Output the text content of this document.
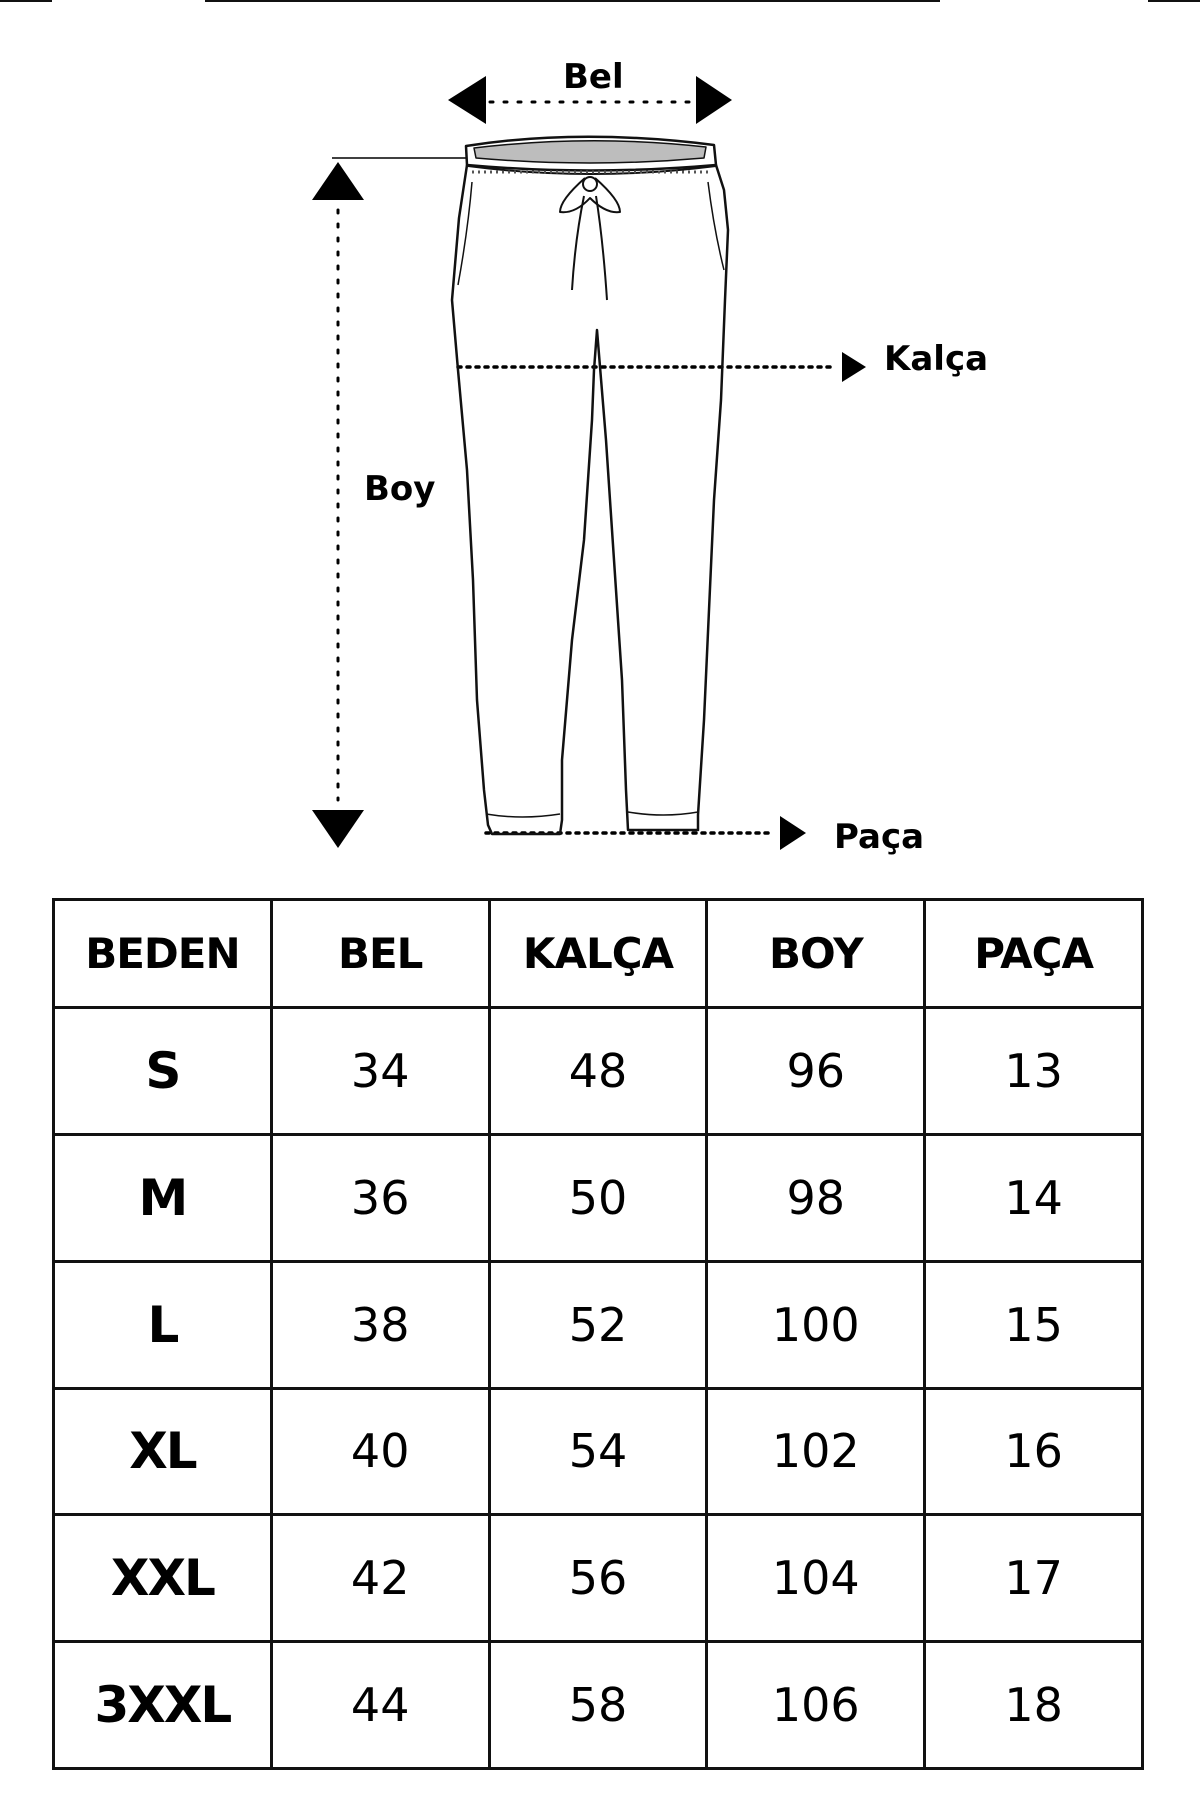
Bel
Kalça
Boy
Paça
BEDEN	BEL	KALÇA	BOY	PAÇA
S	34	48	96	13
M	36	50	98	14
L	38	52	100	15
XL	40	54	102	16
XXL	42	56	104	17
3XXL	44	58	106	18
